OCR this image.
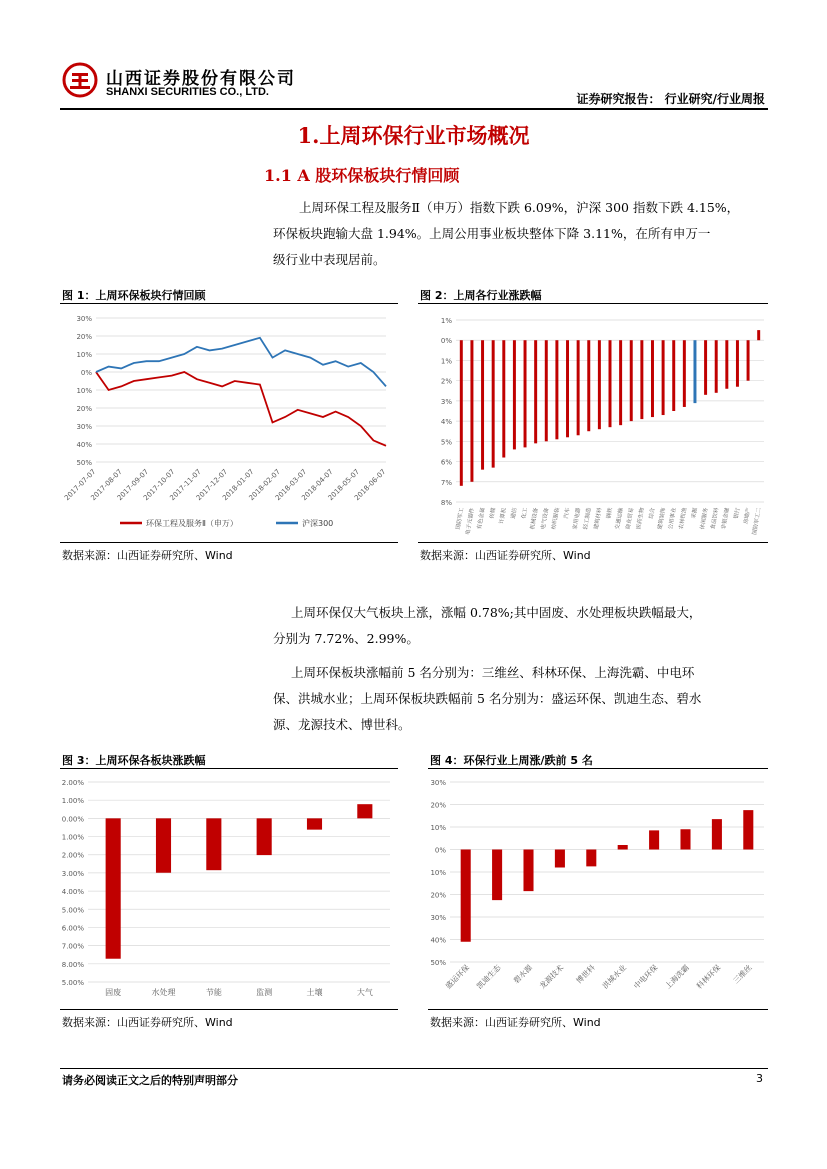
山西证券股份有限公司
SHANXI SECURITIES CO., LTD.	证券研究报告： 行业研究/行业周报
1.上周环保行业市场概况
1.1 A 股环保板块行情回顾
上周环保工程及服务Ⅱ（申万）指数下跌 6.09%，沪深 300 指数下跌 4.15%，
环保板块跑输大盘 1.94%。上周公用事业板块整体下降 3.11%，在所有申万一
级行业中表现居前。
图 1：上周环保板块行情回顾
30%
20%
10%
0%
10%
20%
30%
40%
50%
2017-07-07
2017-08-07
2017-09-07
2017-10-07
2017-11-07
2017-12-07
2018-01-07
2018-02-07
2018-03-07
2018-04-07
2018-05-07
2018-06-07
环保工程及服务Ⅱ（申万）	沪深300
数据来源：山西证券研究所、Wind
图 2：上周各行业涨跌幅
1%
0%
1%
2%
3%
4%
5%
6%
7%
8%
国防军工 电子元器件 有色金属 传媒 计算机 通信 化工 机械设备 电气设备 纺织服装 汽车 家用电器 轻工制造 建筑材料 钢铁 交通运输 商业贸易 医药生物 综合 建筑装饰 公用事业 农林牧渔 采掘 休闲服务 食品饮料 非银金融 银行 房地产 国防军工二
数据来源：山西证券研究所、Wind
上周环保仅大气板块上涨，涨幅 0.78%;其中固废、水处理板块跌幅最大，
分别为 7.72%、2.99%。
上周环保板块涨幅前 5 名分别为：三维丝、科林环保、上海洗霸、中电环
保、洪城水业；上周环保板块跌幅前 5 名分别为：盛运环保、凯迪生态、碧水
源、龙源技术、博世科。
图 3：上周环保各板块涨跌幅
2.00%
1.00%
0.00%
1.00%
2.00%
3.00%
4.00%
5.00%
6.00%
7.00%
8.00%
5.00%
固废	水处理	节能	监测	土壤	大气
数据来源：山西证券研究所、Wind
图 4：环保行业上周涨/跌前 5 名
30%
20%
10%
0%
10%
20%
30%
40%
50%
盛运环保 凯迪生态 碧水源 龙源技术 博世科 洪城水业 中电环保 上海洗霸 科林环保 三维丝
数据来源：山西证券研究所、Wind
请务必阅读正文之后的特别声明部分	3
